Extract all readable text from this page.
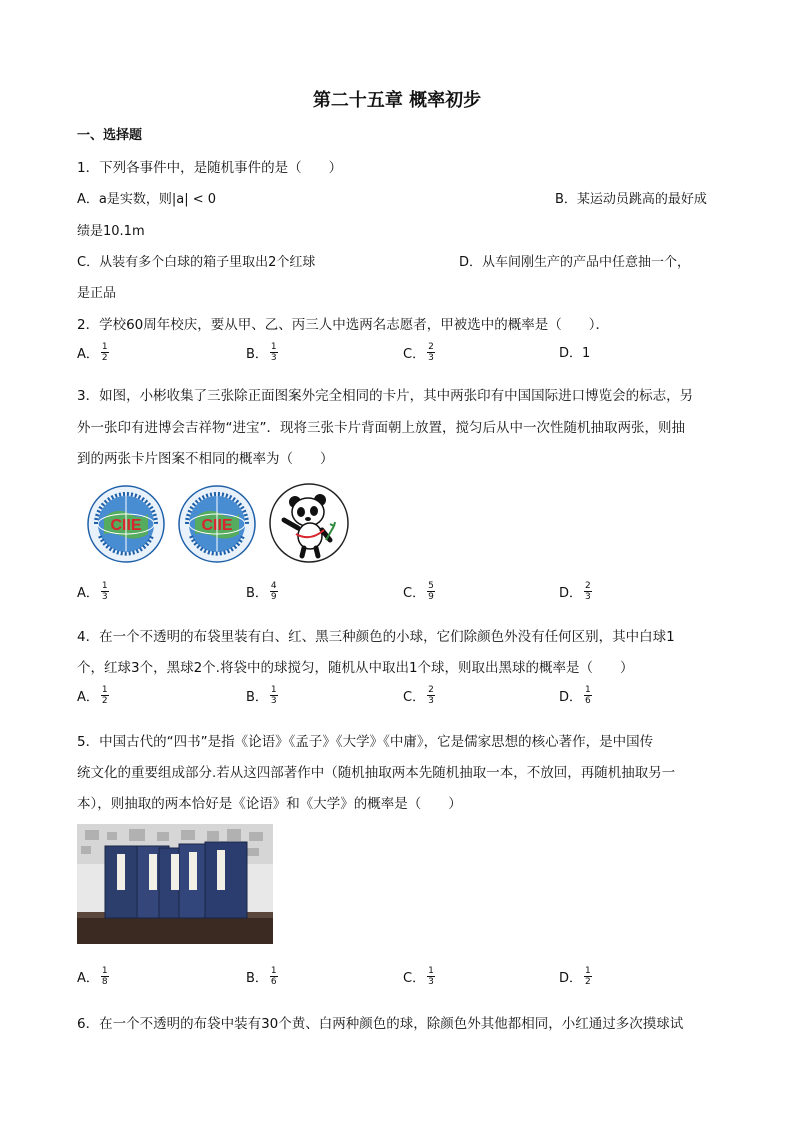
第二十五章 概率初步
一、选择题
1．下列各事件中，是随机事件的是（　　）
A．a是实数，则|a| < 0	B．某运动员跳高的最好成
绩是10.1m
C．从装有多个白球的箱子里取出2个红球	D．从车间刚生产的产品中任意抽一个，
是正品
2．学校60周年校庆，要从甲、乙、丙三人中选两名志愿者，甲被选中的概率是（　　）．
3．如图，小彬收集了三张除正面图案外完全相同的卡片，其中两张印有中国国际进口博览会的标志，另
外一张印有进博会吉祥物“进宝”．现将三张卡片背面朝上放置，搅匀后从中一次性随机抽取两张，则抽
到的两张卡片图案不相同的概率为（　　）
CIIE	CIIE
4．在一个不透明的布袋里装有白、红、黑三种颜色的小球，它们除颜色外没有任何区别，其中白球1
个，红球3个，黑球2个.将袋中的球搅匀，随机从中取出1个球，则取出黑球的概率是（　　）
5．中国古代的“四书”是指《论语》《孟子》《大学》《中庸》，它是儒家思想的核心著作，是中国传
统文化的重要组成部分.若从这四部著作中（随机抽取两本先随机抽取一本，不放回，再随机抽取另一
本），则抽取的两本恰好是《论语》和《大学》的概率是（　　）
6．在一个不透明的布袋中装有30个黄、白两种颜色的球，除颜色外其他都相同，小红通过多次摸球试
A． $\frac{1}{2}$	B． $\frac{1}{3}$	C． $\frac{2}{3}$	D．1
A． $\frac{1}{3}$	B． $\frac{4}{9}$	C． $\frac{5}{9}$	D． $\frac{2}{3}$
A． $\frac{1}{2}$	B． $\frac{1}{3}$	C． $\frac{2}{3}$	D． $\frac{1}{6}$
A． $\frac{1}{8}$	B． $\frac{1}{6}$	C． $\frac{1}{3}$	D． $\frac{1}{2}$
